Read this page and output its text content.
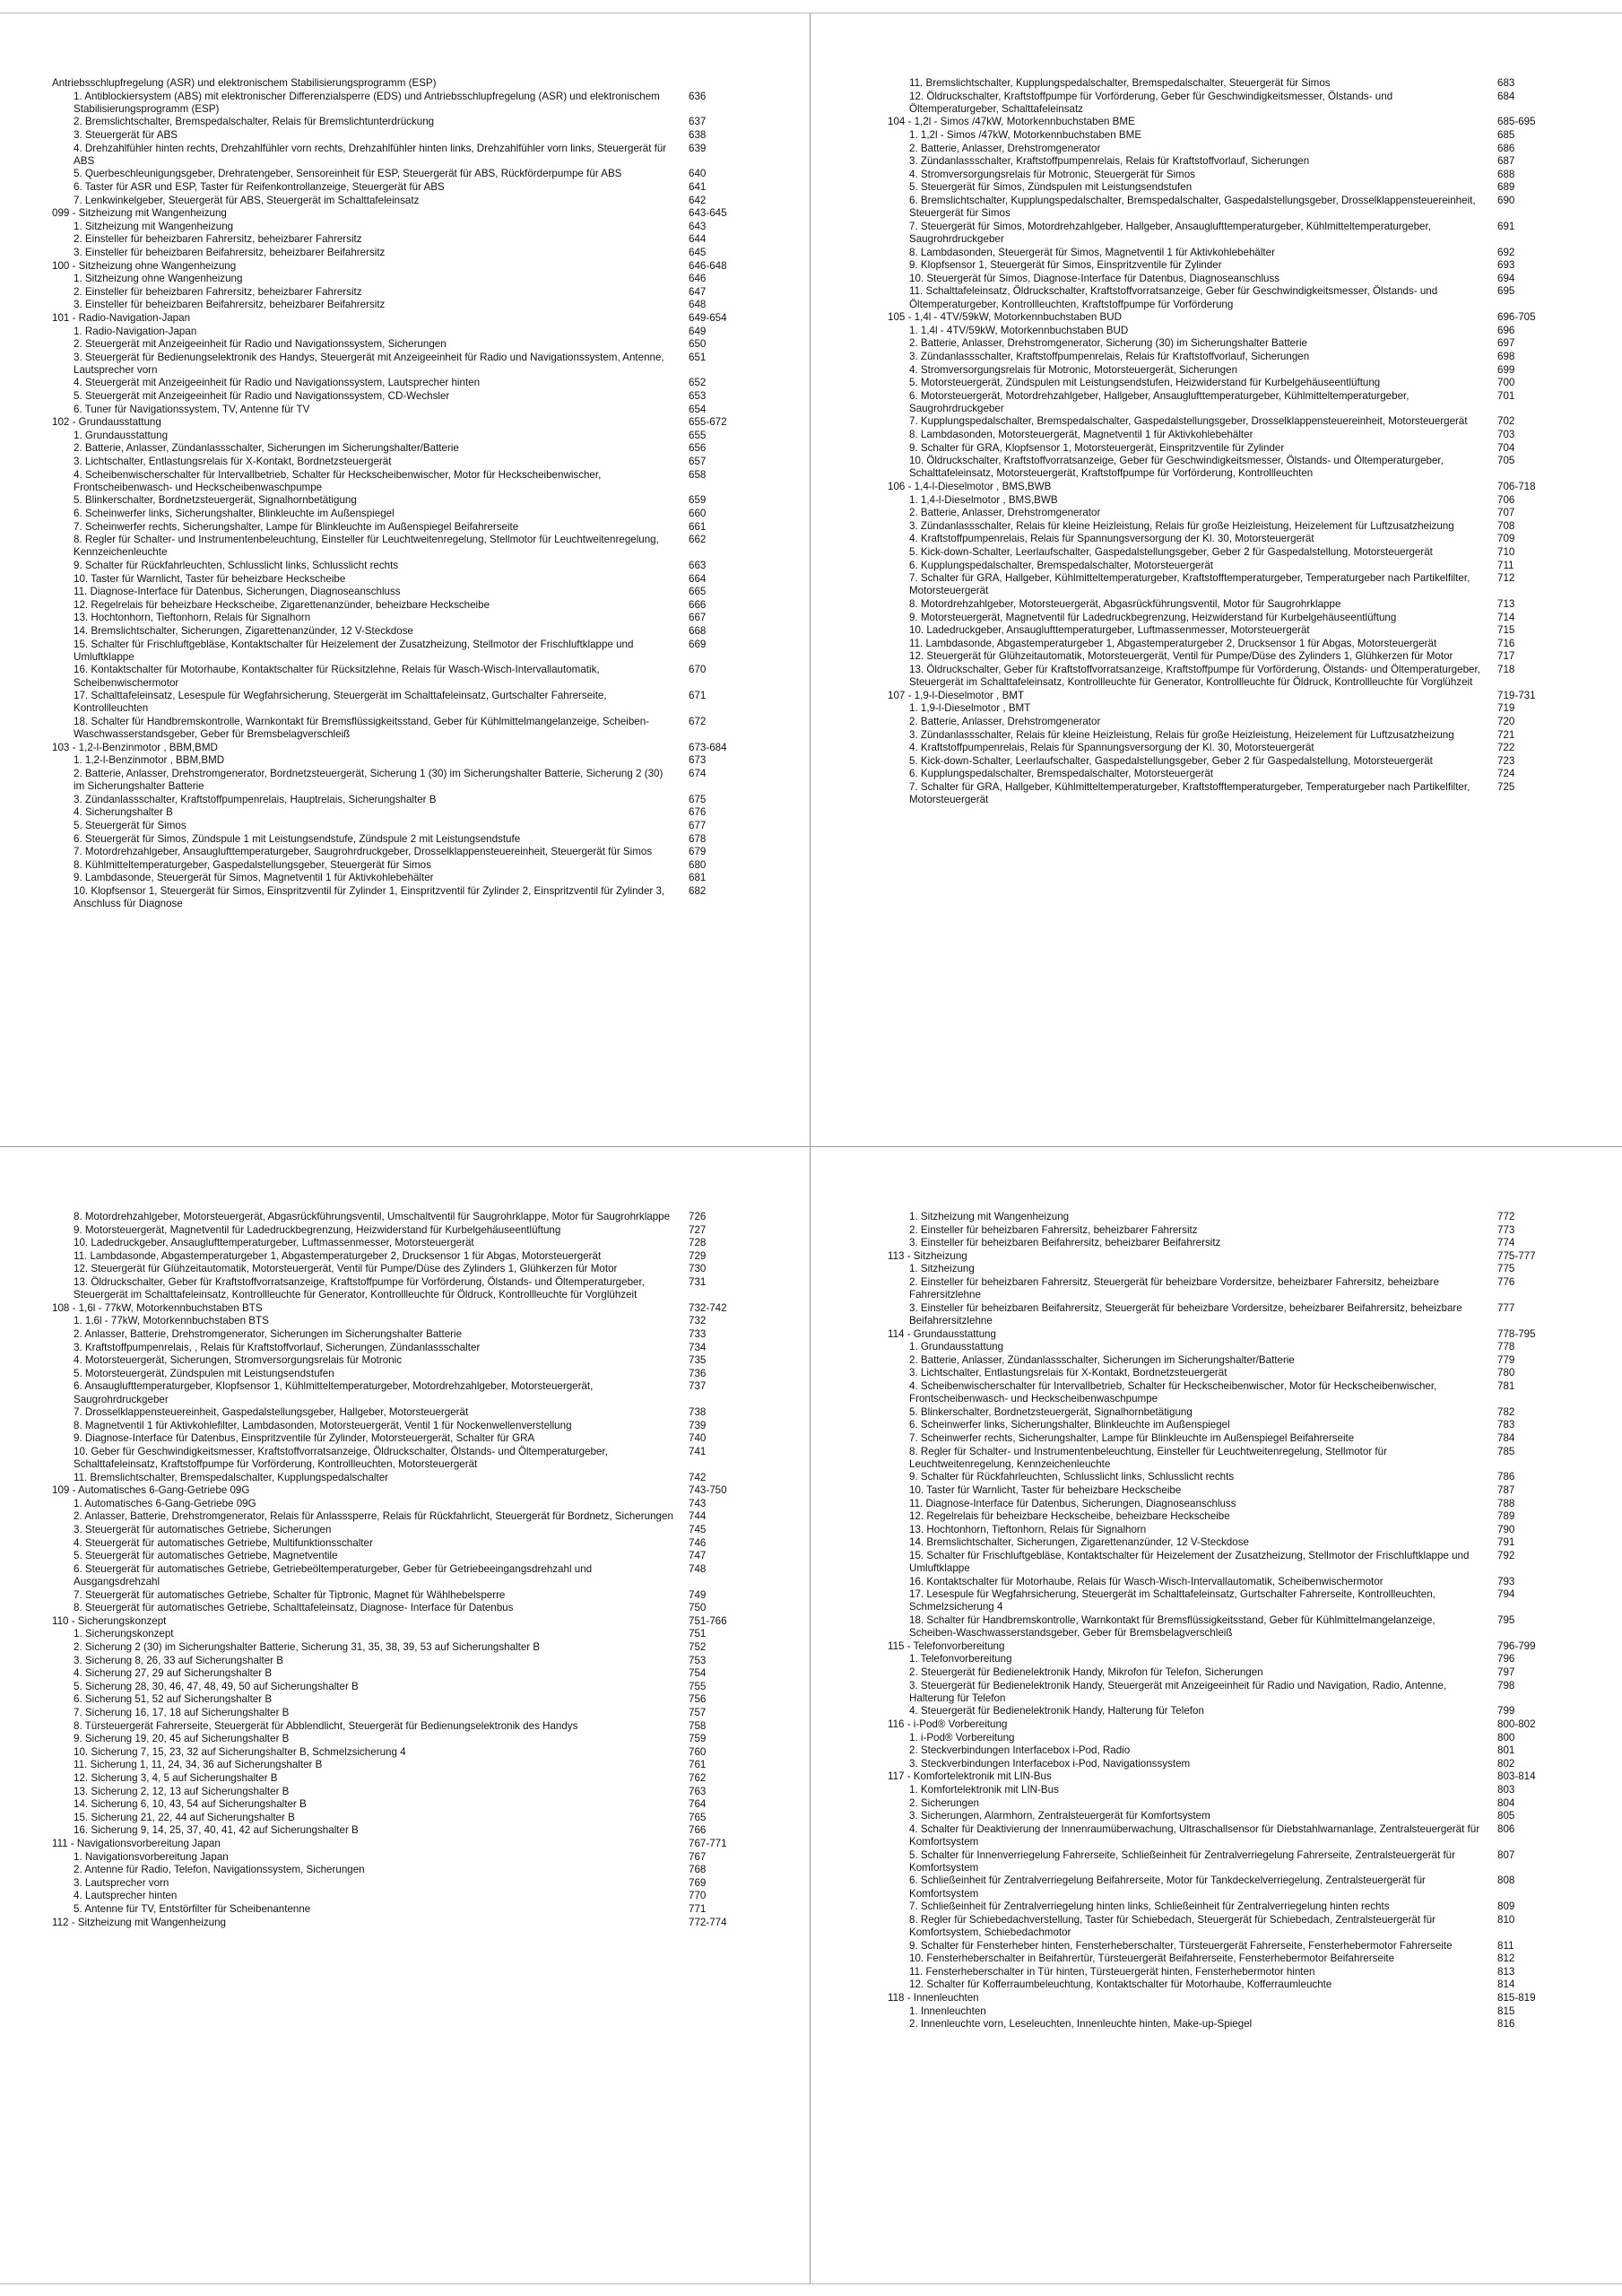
Antriebsschlupfregelung (ASR) und elektronischem Stabilisierungsprogramm (ESP)
1. Antiblockiersystem (ABS) mit elektronischer Differenzialsperre (EDS) und Antriebsschlupfregelung (ASR) und elektronischem Stabilisierungsprogramm (ESP)
636
2. Bremslichtschalter, Bremspedalschalter, Relais für Bremslichtunterdrückung	637
3. Steuergerät für ABS	638
4. Drehzahlfühler hinten rechts, Drehzahlfühler vorn rechts, Drehzahlfühler hinten links, Drehzahlfühler vorn links, Steuergerät für ABS
639
5. Querbeschleunigungsgeber, Drehratengeber, Sensoreinheit für ESP, Steuergerät für ABS, Rückförderpumpe für ABS	640
6. Taster für ASR und ESP, Taster für Reifenkontrollanzeige, Steuergerät für ABS	641
7. Lenkwinkelgeber, Steuergerät für ABS, Steuergerät im Schalttafeleinsatz	642
099 - Sitzheizung mit Wangenheizung	643-645
1. Sitzheizung mit Wangenheizung	643
2. Einsteller für beheizbaren Fahrersitz, beheizbarer Fahrersitz	644
3. Einsteller für beheizbaren Beifahrersitz, beheizbarer Beifahrersitz	645
100 - Sitzheizung ohne Wangenheizung	646-648
1. Sitzheizung ohne Wangenheizung	646
2. Einsteller für beheizbaren Fahrersitz, beheizbarer Fahrersitz	647
3. Einsteller für beheizbaren Beifahrersitz, beheizbarer Beifahrersitz	648
101 - Radio-Navigation-Japan	649-654
1. Radio-Navigation-Japan	649
2. Steuergerät mit Anzeigeeinheit für Radio und Navigationssystem, Sicherungen	650
3. Steuergerät für Bedienungselektronik des Handys, Steuergerät mit Anzeigeeinheit für Radio und Navigationssystem, Antenne, Lautsprecher vorn
651
4. Steuergerät mit Anzeigeeinheit für Radio und Navigationssystem, Lautsprecher hinten	652
5. Steuergerät mit Anzeigeeinheit für Radio und Navigationssystem, CD-Wechsler	653
6. Tuner für Navigationssystem, TV, Antenne für TV	654
102 - Grundausstattung	655-672
1. Grundausstattung	655
2. Batterie, Anlasser, Zündanlassschalter, Sicherungen im Sicherungshalter/Batterie	656
3. Lichtschalter, Entlastungsrelais für X-Kontakt, Bordnetzsteuergerät	657
4. Scheibenwischerschalter für Intervallbetrieb, Schalter für Heckscheibenwischer, Motor für Heckscheibenwischer, Frontscheibenwasch- und Heckscheibenwaschpumpe
658
5. Blinkerschalter, Bordnetzsteuergerät, Signalhornbetätigung	659
6. Scheinwerfer links, Sicherungshalter, Blinkleuchte im Außenspiegel	660
7. Scheinwerfer rechts, Sicherungshalter, Lampe für Blinkleuchte im Außenspiegel Beifahrerseite	661
8. Regler für Schalter- und Instrumentenbeleuchtung, Einsteller für Leuchtweitenregelung, Stellmotor für Leuchtweitenregelung, Kennzeichenleuchte
662
9. Schalter für Rückfahrleuchten, Schlusslicht links, Schlusslicht rechts	663
10. Taster für Warnlicht, Taster für beheizbare Heckscheibe	664
11. Diagnose-Interface für Datenbus, Sicherungen, Diagnoseanschluss	665
12. Regelrelais für beheizbare Heckscheibe, Zigarettenanzünder, beheizbare Heckscheibe	666
13. Hochtonhorn, Tieftonhorn, Relais für Signalhorn	667
14. Bremslichtschalter, Sicherungen, Zigarettenanzünder, 12 V-Steckdose	668
15. Schalter für Frischluftgebläse, Kontaktschalter für Heizelement der Zusatzheizung, Stellmotor der Frischluftklappe und Umluftklappe
669
16. Kontaktschalter für Motorhaube, Kontaktschalter für Rücksitzlehne, Relais für Wasch-Wisch-Intervallautomatik, Scheibenwischermotor
670
17. Schalttafeleinsatz, Lesespule für Wegfahrsicherung, Steuergerät im Schalttafeleinsatz, Gurtschalter Fahrerseite, Kontrollleuchten
671
18. Schalter für Handbremskontrolle, Warnkontakt für Bremsflüssigkeitsstand, Geber für Kühlmittelmangelanzeige, Scheiben-Waschwasserstandsgeber, Geber für Bremsbelagverschleiß
672
103 - 1,2-l-Benzinmotor , BBM,BMD	673-684
1. 1,2-l-Benzinmotor , BBM,BMD	673
2. Batterie, Anlasser, Drehstromgenerator, Bordnetzsteuergerät, Sicherung 1 (30) im Sicherungshalter Batterie, Sicherung 2 (30) im Sicherungshalter Batterie
674
3. Zündanlassschalter, Kraftstoffpumpenrelais, Hauptrelais, Sicherungshalter B	675
4. Sicherungshalter B	676
5. Steuergerät für Simos	677
6. Steuergerät für Simos, Zündspule 1 mit Leistungsendstufe, Zündspule 2 mit Leistungsendstufe	678
7. Motordrehzahlgeber, Ansauglufttemperaturgeber, Saugrohrdruckgeber, Drosselklappensteuereinheit, Steuergerät für Simos	679
8. Kühlmitteltemperaturgeber, Gaspedalstellungsgeber, Steuergerät für Simos	680
9. Lambdasonde, Steuergerät für Simos, Magnetventil 1 für Aktivkohlebehälter	681
10. Klopfsensor 1, Steuergerät für Simos, Einspritzventil für Zylinder 1, Einspritzventil für Zylinder 2, Einspritzventil für Zylinder 3, Anschluss für Diagnose
682
11. Bremslichtschalter, Kupplungspedalschalter, Bremspedalschalter, Steuergerät für Simos	683
12. Öldruckschalter, Kraftstoffpumpe für Vorförderung, Geber für Geschwindigkeitsmesser, Ölstands- und Öltemperaturgeber, Schalttafeleinsatz
684
104 - 1,2l - Simos /47kW, Motorkennbuchstaben BME	685-695
1. 1,2l - Simos /47kW, Motorkennbuchstaben BME	685
2. Batterie, Anlasser, Drehstromgenerator	686
3. Zündanlassschalter, Kraftstoffpumpenrelais, Relais für Kraftstoffvorlauf, Sicherungen	687
4. Stromversorgungsrelais für Motronic, Steuergerät für Simos	688
5. Steuergerät für Simos, Zündspulen mit Leistungsendstufen	689
6. Bremslichtschalter, Kupplungspedalschalter, Bremspedalschalter, Gaspedalstellungsgeber, Drosselklappensteuereinheit, Steuergerät für Simos
690
7. Steuergerät für Simos, Motordrehzahlgeber, Hallgeber, Ansauglufttemperaturgeber, Kühlmitteltemperaturgeber, Saugrohrdruckgeber
691
8. Lambdasonden, Steuergerät für Simos, Magnetventil 1 für Aktivkohlebehälter	692
9. Klopfsensor 1, Steuergerät für Simos, Einspritzventile für Zylinder	693
10. Steuergerät für Simos, Diagnose-Interface für Datenbus, Diagnoseanschluss	694
11. Schalttafeleinsatz, Öldruckschalter, Kraftstoffvorratsanzeige, Geber für Geschwindigkeitsmesser, Ölstands- und Öltemperaturgeber, Kontrollleuchten, Kraftstoffpumpe für Vorförderung
695
105 - 1,4l - 4TV/59kW, Motorkennbuchstaben BUD	696-705
1. 1,4l - 4TV/59kW, Motorkennbuchstaben BUD	696
2. Batterie, Anlasser, Drehstromgenerator, Sicherung (30) im Sicherungshalter Batterie	697
3. Zündanlassschalter, Kraftstoffpumpenrelais, Relais für Kraftstoffvorlauf, Sicherungen	698
4. Stromversorgungsrelais für Motronic, Motorsteuergerät, Sicherungen	699
5. Motorsteuergerät, Zündspulen mit Leistungsendstufen, Heizwiderstand für Kurbelgehäuseentlüftung	700
6. Motorsteuergerät, Motordrehzahlgeber, Hallgeber, Ansauglufttemperaturgeber, Kühlmitteltemperaturgeber, Saugrohrdruckgeber
701
7. Kupplungspedalschalter, Bremspedalschalter, Gaspedalstellungsgeber, Drosselklappensteuereinheit, Motorsteuergerät	702
8. Lambdasonden, Motorsteuergerät, Magnetventil 1 für Aktivkohlebehälter	703
9. Schalter für GRA, Klopfsensor 1, Motorsteuergerät, Einspritzventile für Zylinder	704
10. Öldruckschalter, Kraftstoffvorratsanzeige, Geber für Geschwindigkeitsmesser, Ölstands- und Öltemperaturgeber, Schalttafeleinsatz, Motorsteuergerät, Kraftstoffpumpe für Vorförderung, Kontrollleuchten
705
106 - 1,4-l-Dieselmotor , BMS,BWB	706-718
1. 1,4-l-Dieselmotor , BMS,BWB	706
2. Batterie, Anlasser, Drehstromgenerator	707
3. Zündanlassschalter, Relais für kleine Heizleistung, Relais für große Heizleistung, Heizelement für Luftzusatzheizung	708
4. Kraftstoffpumpenrelais, Relais für Spannungsversorgung der Kl. 30, Motorsteuergerät	709
5. Kick-down-Schalter, Leerlaufschalter, Gaspedalstellungsgeber, Geber 2 für Gaspedalstellung, Motorsteuergerät	710
6. Kupplungspedalschalter, Bremspedalschalter, Motorsteuergerät	711
7. Schalter für GRA, Hallgeber, Kühlmitteltemperaturgeber, Kraftstofftemperaturgeber, Temperaturgeber nach Partikelfilter, Motorsteuergerät
712
8. Motordrehzahlgeber, Motorsteuergerät, Abgasrückführungsventil, Motor für Saugrohrklappe	713
9. Motorsteuergerät, Magnetventil für Ladedruckbegrenzung, Heizwiderstand für Kurbelgehäuseentlüftung	714
10. Ladedruckgeber, Ansauglufttemperaturgeber, Luftmassenmesser, Motorsteuergerät	715
11. Lambdasonde, Abgastemperaturgeber 1, Abgastemperaturgeber 2, Drucksensor 1 für Abgas, Motorsteuergerät	716
12. Steuergerät für Glühzeitautomatik, Motorsteuergerät, Ventil für Pumpe/Düse des Zylinders 1, Glühkerzen für Motor	717
13. Öldruckschalter, Geber für Kraftstoffvorratsanzeige, Kraftstoffpumpe für Vorförderung, Ölstands- und Öltemperaturgeber, Steuergerät im Schalttafeleinsatz, Kontrollleuchte für Generator, Kontrollleuchte für Öldruck, Kontrollleuchte für Vorglühzeit
718
107 - 1,9-l-Dieselmotor , BMT	719-731
1. 1,9-l-Dieselmotor , BMT	719
2. Batterie, Anlasser, Drehstromgenerator	720
3. Zündanlassschalter, Relais für kleine Heizleistung, Relais für große Heizleistung, Heizelement für Luftzusatzheizung	721
4. Kraftstoffpumpenrelais, Relais für Spannungsversorgung der Kl. 30, Motorsteuergerät	722
5. Kick-down-Schalter, Leerlaufschalter, Gaspedalstellungsgeber, Geber 2 für Gaspedalstellung, Motorsteuergerät	723
6. Kupplungspedalschalter, Bremspedalschalter, Motorsteuergerät	724
7. Schalter für GRA, Hallgeber, Kühlmitteltemperaturgeber, Kraftstofftemperaturgeber, Temperaturgeber nach Partikelfilter, Motorsteuergerät
725
8. Motordrehzahlgeber, Motorsteuergerät, Abgasrückführungsventil, Umschaltventil für Saugrohrklappe, Motor für Saugrohrklappe	726
9. Motorsteuergerät, Magnetventil für Ladedruckbegrenzung, Heizwiderstand für Kurbelgehäuseentlüftung	727
10. Ladedruckgeber, Ansauglufttemperaturgeber, Luftmassenmesser, Motorsteuergerät	728
11. Lambdasonde, Abgastemperaturgeber 1, Abgastemperaturgeber 2, Drucksensor 1 für Abgas, Motorsteuergerät	729
12. Steuergerät für Glühzeitautomatik, Motorsteuergerät, Ventil für Pumpe/Düse des Zylinders 1, Glühkerzen für Motor	730
13. Öldruckschalter, Geber für Kraftstoffvorratsanzeige, Kraftstoffpumpe für Vorförderung, Ölstands- und Öltemperaturgeber, Steuergerät im Schalttafeleinsatz, Kontrollleuchte für Generator, Kontrollleuchte für Öldruck, Kontrollleuchte für Vorglühzeit
731
108 - 1,6l - 77kW, Motorkennbuchstaben BTS	732-742
1. 1,6l - 77kW, Motorkennbuchstaben BTS	732
2. Anlasser, Batterie, Drehstromgenerator, Sicherungen im Sicherungshalter Batterie	733
3. Kraftstoffpumpenrelais, , Relais für Kraftstoffvorlauf, Sicherungen, Zündanlassschalter	734
4. Motorsteuergerät, Sicherungen, Stromversorgungsrelais für Motronic	735
5. Motorsteuergerät, Zündspulen mit Leistungsendstufen	736
6. Ansauglufttemperaturgeber, Klopfsensor 1, Kühlmitteltemperaturgeber, Motordrehzahlgeber, Motorsteuergerät, Saugrohrdruckgeber
737
7. Drosselklappensteuereinheit, Gaspedalstellungsgeber, Hallgeber, Motorsteuergerät	738
8. Magnetventil 1 für Aktivkohlefilter, Lambdasonden, Motorsteuergerät, Ventil 1 für Nockenwellenverstellung	739
9. Diagnose-Interface für Datenbus, Einspritzventile für Zylinder, Motorsteuergerät, Schalter für GRA	740
10. Geber für Geschwindigkeitsmesser, Kraftstoffvorratsanzeige, Öldruckschalter, Ölstands- und Öltemperaturgeber, Schalttafeleinsatz, Kraftstoffpumpe für Vorförderung, Kontrollleuchten, Motorsteuergerät
741
11. Bremslichtschalter, Bremspedalschalter, Kupplungspedalschalter	742
109 - Automatisches 6-Gang-Getriebe 09G	743-750
1. Automatisches 6-Gang-Getriebe 09G	743
2. Anlasser, Batterie, Drehstromgenerator, Relais für Anlasssperre, Relais für Rückfahrlicht, Steuergerät für Bordnetz, Sicherungen	744
3. Steuergerät für automatisches Getriebe, Sicherungen	745
4. Steuergerät für automatisches Getriebe, Multifunktionsschalter	746
5. Steuergerät für automatisches Getriebe, Magnetventile	747
6. Steuergerät für automatisches Getriebe, Getriebeöltemperaturgeber, Geber für Getriebeeingangsdrehzahl und Ausgangsdrehzahl
748
7. Steuergerät für automatisches Getriebe, Schalter für Tiptronic, Magnet für Wählhebelsperre	749
8. Steuergerät für automatisches Getriebe, Schalttafeleinsatz, Diagnose- Interface für Datenbus	750
110 - Sicherungskonzept	751-766
1. Sicherungskonzept	751
2. Sicherung 2 (30) im Sicherungshalter Batterie, Sicherung 31, 35, 38, 39, 53 auf Sicherungshalter B	752
3. Sicherung 8, 26, 33 auf Sicherungshalter B	753
4. Sicherung 27, 29 auf Sicherungshalter B	754
5. Sicherung 28, 30, 46, 47, 48, 49, 50 auf Sicherungshalter B	755
6. Sicherung 51, 52 auf Sicherungshalter B	756
7. Sicherung 16, 17, 18 auf Sicherungshalter B	757
8. Türsteuergerät Fahrerseite, Steuergerät für Abblendlicht, Steuergerät für Bedienungselektronik des Handys	758
9. Sicherung 19, 20, 45 auf Sicherungshalter B	759
10. Sicherung 7, 15, 23, 32 auf Sicherungshalter B, Schmelzsicherung 4	760
11. Sicherung 1, 11, 24, 34, 36 auf Sicherungshalter B	761
12. Sicherung 3, 4, 5 auf Sicherungshalter B	762
13. Sicherung 2, 12, 13 auf Sicherungshalter B	763
14. Sicherung 6, 10, 43, 54 auf Sicherungshalter B	764
15. Sicherung 21, 22, 44 auf Sicherungshalter B	765
16. Sicherung 9, 14, 25, 37, 40, 41, 42 auf Sicherungshalter B	766
111 - Navigationsvorbereitung Japan	767-771
1. Navigationsvorbereitung Japan	767
2. Antenne für Radio, Telefon, Navigationssystem, Sicherungen	768
3. Lautsprecher vorn	769
4. Lautsprecher hinten	770
5. Antenne für TV, Entstörfilter für Scheibenantenne	771
112 - Sitzheizung mit Wangenheizung	772-774
1. Sitzheizung mit Wangenheizung	772
2. Einsteller für beheizbaren Fahrersitz, beheizbarer Fahrersitz	773
3. Einsteller für beheizbaren Beifahrersitz, beheizbarer Beifahrersitz	774
113 - Sitzheizung	775-777
1. Sitzheizung	775
2. Einsteller für beheizbaren Fahrersitz, Steuergerät für beheizbare Vordersitze, beheizbarer Fahrersitz, beheizbare Fahrersitzlehne
776
3. Einsteller für beheizbaren Beifahrersitz, Steuergerät für beheizbare Vordersitze, beheizbarer Beifahrersitz, beheizbare Beifahrersitzlehne
777
114 - Grundausstattung	778-795
1. Grundausstattung	778
2. Batterie, Anlasser, Zündanlassschalter, Sicherungen im Sicherungshalter/Batterie	779
3. Lichtschalter, Entlastungsrelais für X-Kontakt, Bordnetzsteuergerät	780
4. Scheibenwischerschalter für Intervallbetrieb, Schalter für Heckscheibenwischer, Motor für Heckscheibenwischer, Frontscheibenwasch- und Heckscheibenwaschpumpe
781
5. Blinkerschalter, Bordnetzsteuergerät, Signalhornbetätigung	782
6. Scheinwerfer links, Sicherungshalter, Blinkleuchte im Außenspiegel	783
7. Scheinwerfer rechts, Sicherungshalter, Lampe für Blinkleuchte im Außenspiegel Beifahrerseite	784
8. Regler für Schalter- und Instrumentenbeleuchtung, Einsteller für Leuchtweitenregelung, Stellmotor für Leuchtweitenregelung, Kennzeichenleuchte
785
9. Schalter für Rückfahrleuchten, Schlusslicht links, Schlusslicht rechts	786
10. Taster für Warnlicht, Taster für beheizbare Heckscheibe	787
11. Diagnose-Interface für Datenbus, Sicherungen, Diagnoseanschluss	788
12. Regelrelais für beheizbare Heckscheibe, beheizbare Heckscheibe	789
13. Hochtonhorn, Tieftonhorn, Relais für Signalhorn	790
14. Bremslichtschalter, Sicherungen, Zigarettenanzünder, 12 V-Steckdose	791
15. Schalter für Frischluftgebläse, Kontaktschalter für Heizelement der Zusatzheizung, Stellmotor der Frischluftklappe und Umluftklappe
792
16. Kontaktschalter für Motorhaube, Relais für Wasch-Wisch-Intervallautomatik, Scheibenwischermotor	793
17. Lesespule für Wegfahrsicherung, Steuergerät im Schalttafeleinsatz, Gurtschalter Fahrerseite, Kontrollleuchten, Schmelzsicherung 4
794
18. Schalter für Handbremskontrolle, Warnkontakt für Bremsflüssigkeitsstand, Geber für Kühlmittelmangelanzeige, Scheiben-Waschwasserstandsgeber, Geber für Bremsbelagverschleiß
795
115 - Telefonvorbereitung	796-799
1. Telefonvorbereitung	796
2. Steuergerät für Bedienelektronik Handy, Mikrofon für Telefon, Sicherungen	797
3. Steuergerät für Bedienelektronik Handy, Steuergerät mit Anzeigeeinheit für Radio und Navigation, Radio, Antenne, Halterung für Telefon
798
4. Steuergerät für Bedienelektronik Handy, Halterung für Telefon	799
116 - i-Pod® Vorbereitung	800-802
1. i-Pod® Vorbereitung	800
2. Steckverbindungen Interfacebox i-Pod, Radio	801
3. Steckverbindungen Interfacebox i-Pod, Navigationssystem	802
117 - Komfortelektronik mit LIN-Bus	803-814
1. Komfortelektronik mit LIN-Bus	803
2. Sicherungen	804
3. Sicherungen, Alarmhorn, Zentralsteuergerät für Komfortsystem	805
4. Schalter für Deaktivierung der Innenraumüberwachung, Ultraschallsensor für Diebstahlwarnanlage, Zentralsteuergerät für Komfortsystem
806
5. Schalter für Innenverriegelung Fahrerseite, Schließeinheit für Zentralverriegelung Fahrerseite, Zentralsteuergerät für Komfortsystem
807
6. Schließeinheit für Zentralverriegelung Beifahrerseite, Motor für Tankdeckelverriegelung, Zentralsteuergerät für Komfortsystem
808
7. Schließeinheit für Zentralverriegelung hinten links, Schließeinheit für Zentralverriegelung hinten rechts	809
8. Regler für Schiebedachverstellung, Taster für Schiebedach, Steuergerät für Schiebedach, Zentralsteuergerät für Komfortsystem, Schiebedachmotor
810
9. Schalter für Fensterheber hinten, Fensterheberschalter, Türsteuergerät Fahrerseite, Fensterhebermotor Fahrerseite	811
10. Fensterheberschalter in Beifahrertür, Türsteuergerät Beifahrerseite, Fensterhebermotor Beifahrerseite	812
11. Fensterheberschalter in Tür hinten, Türsteuergerät hinten, Fensterhebermotor hinten	813
12. Schalter für Kofferraumbeleuchtung, Kontaktschalter für Motorhaube, Kofferraumleuchte	814
118 - Innenleuchten	815-819
1. Innenleuchten	815
2. Innenleuchte vorn, Leseleuchten, Innenleuchte hinten, Make-up-Spiegel	816
